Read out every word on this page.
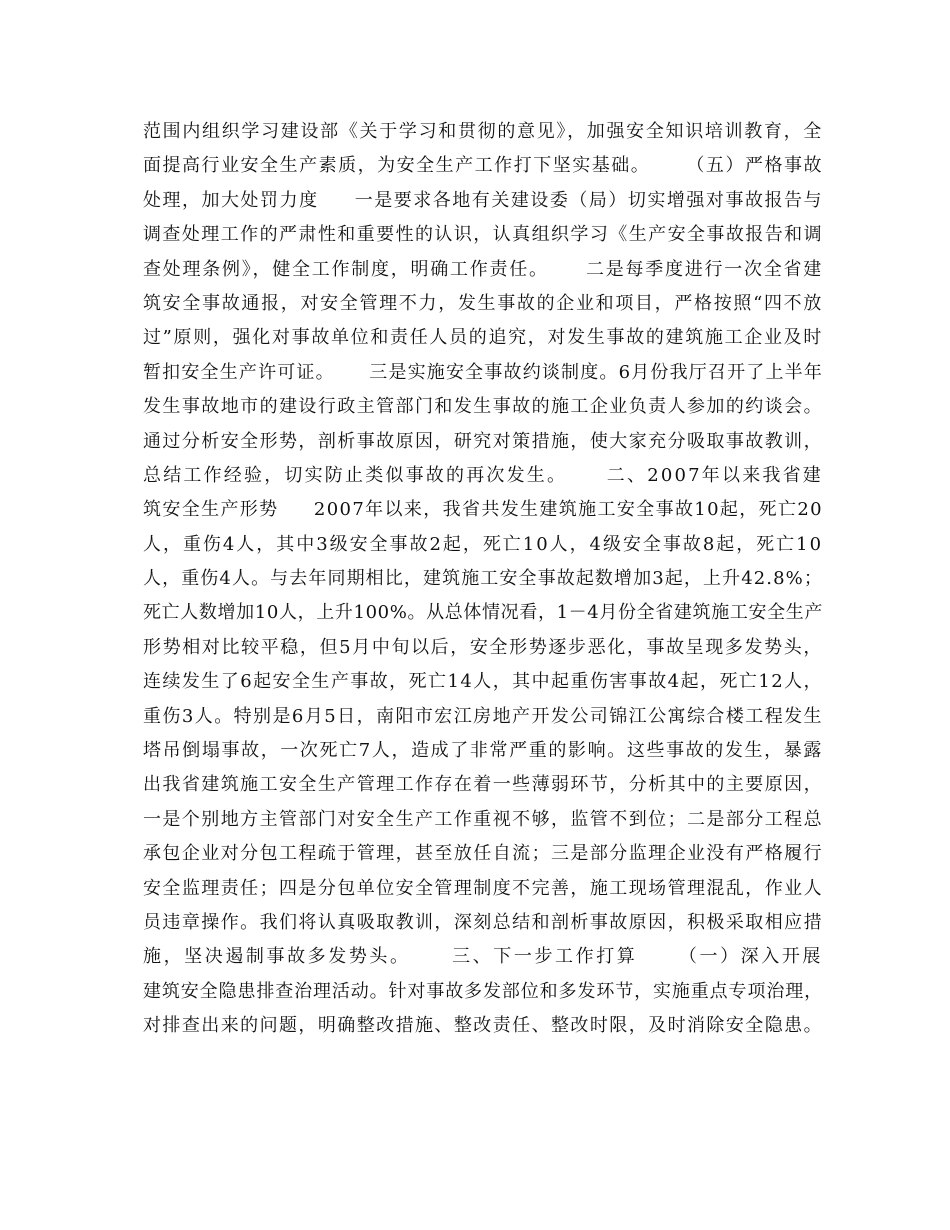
范围内组织学习建设部《关于学习和贯彻的意见》，加强安全知识培训教育，全
面提高行业安全生产素质，为安全生产工作打下坚实基础。     （五）严格事故
处理，加大处罚力度     一是要求各地有关建设委（局）切实增强对事故报告与
调查处理工作的严肃性和重要性的认识，认真组织学习《生产安全事故报告和调
查处理条例》，健全工作制度，明确工作责任。     二是每季度进行一次全省建
筑安全事故通报，对安全管理不力，发生事故的企业和项目，严格按照“四不放
过”原则，强化对事故单位和责任人员的追究，对发生事故的建筑施工企业及时
暂扣安全生产许可证。     三是实施安全事故约谈制度。6月份我厅召开了上半年
发生事故地市的建设行政主管部门和发生事故的施工企业负责人参加的约谈会。
通过分析安全形势，剖析事故原因，研究对策措施，使大家充分吸取事故教训，
总结工作经验，切实防止类似事故的再次发生。     二、2007年以来我省建
筑安全生产形势     2007年以来，我省共发生建筑施工安全事故10起，死亡20
人，重伤4人，其中3级安全事故2起，死亡10人，4级安全事故8起，死亡10
人，重伤4人。与去年同期相比，建筑施工安全事故起数增加3起，上升42.8%；
死亡人数增加10人，上升100%。从总体情况看，1－4月份全省建筑施工安全生产
形势相对比较平稳，但5月中旬以后，安全形势逐步恶化，事故呈现多发势头，
连续发生了6起安全生产事故，死亡14人，其中起重伤害事故4起，死亡12人，
重伤3人。特别是6月5日，南阳市宏江房地产开发公司锦江公寓综合楼工程发生
塔吊倒塌事故，一次死亡7人，造成了非常严重的影响。这些事故的发生，暴露
出我省建筑施工安全生产管理工作存在着一些薄弱环节，分析其中的主要原因，
一是个别地方主管部门对安全生产工作重视不够，监管不到位；二是部分工程总
承包企业对分包工程疏于管理，甚至放任自流；三是部分监理企业没有严格履行
安全监理责任；四是分包单位安全管理制度不完善，施工现场管理混乱，作业人
员违章操作。我们将认真吸取教训，深刻总结和剖析事故原因，积极采取相应措
施，坚决遏制事故多发势头。     三、下一步工作打算     （一）深入开展
建筑安全隐患排查治理活动。针对事故多发部位和多发环节，实施重点专项治理，
对排查出来的问题，明确整改措施、整改责任、整改时限，及时消除安全隐患。
